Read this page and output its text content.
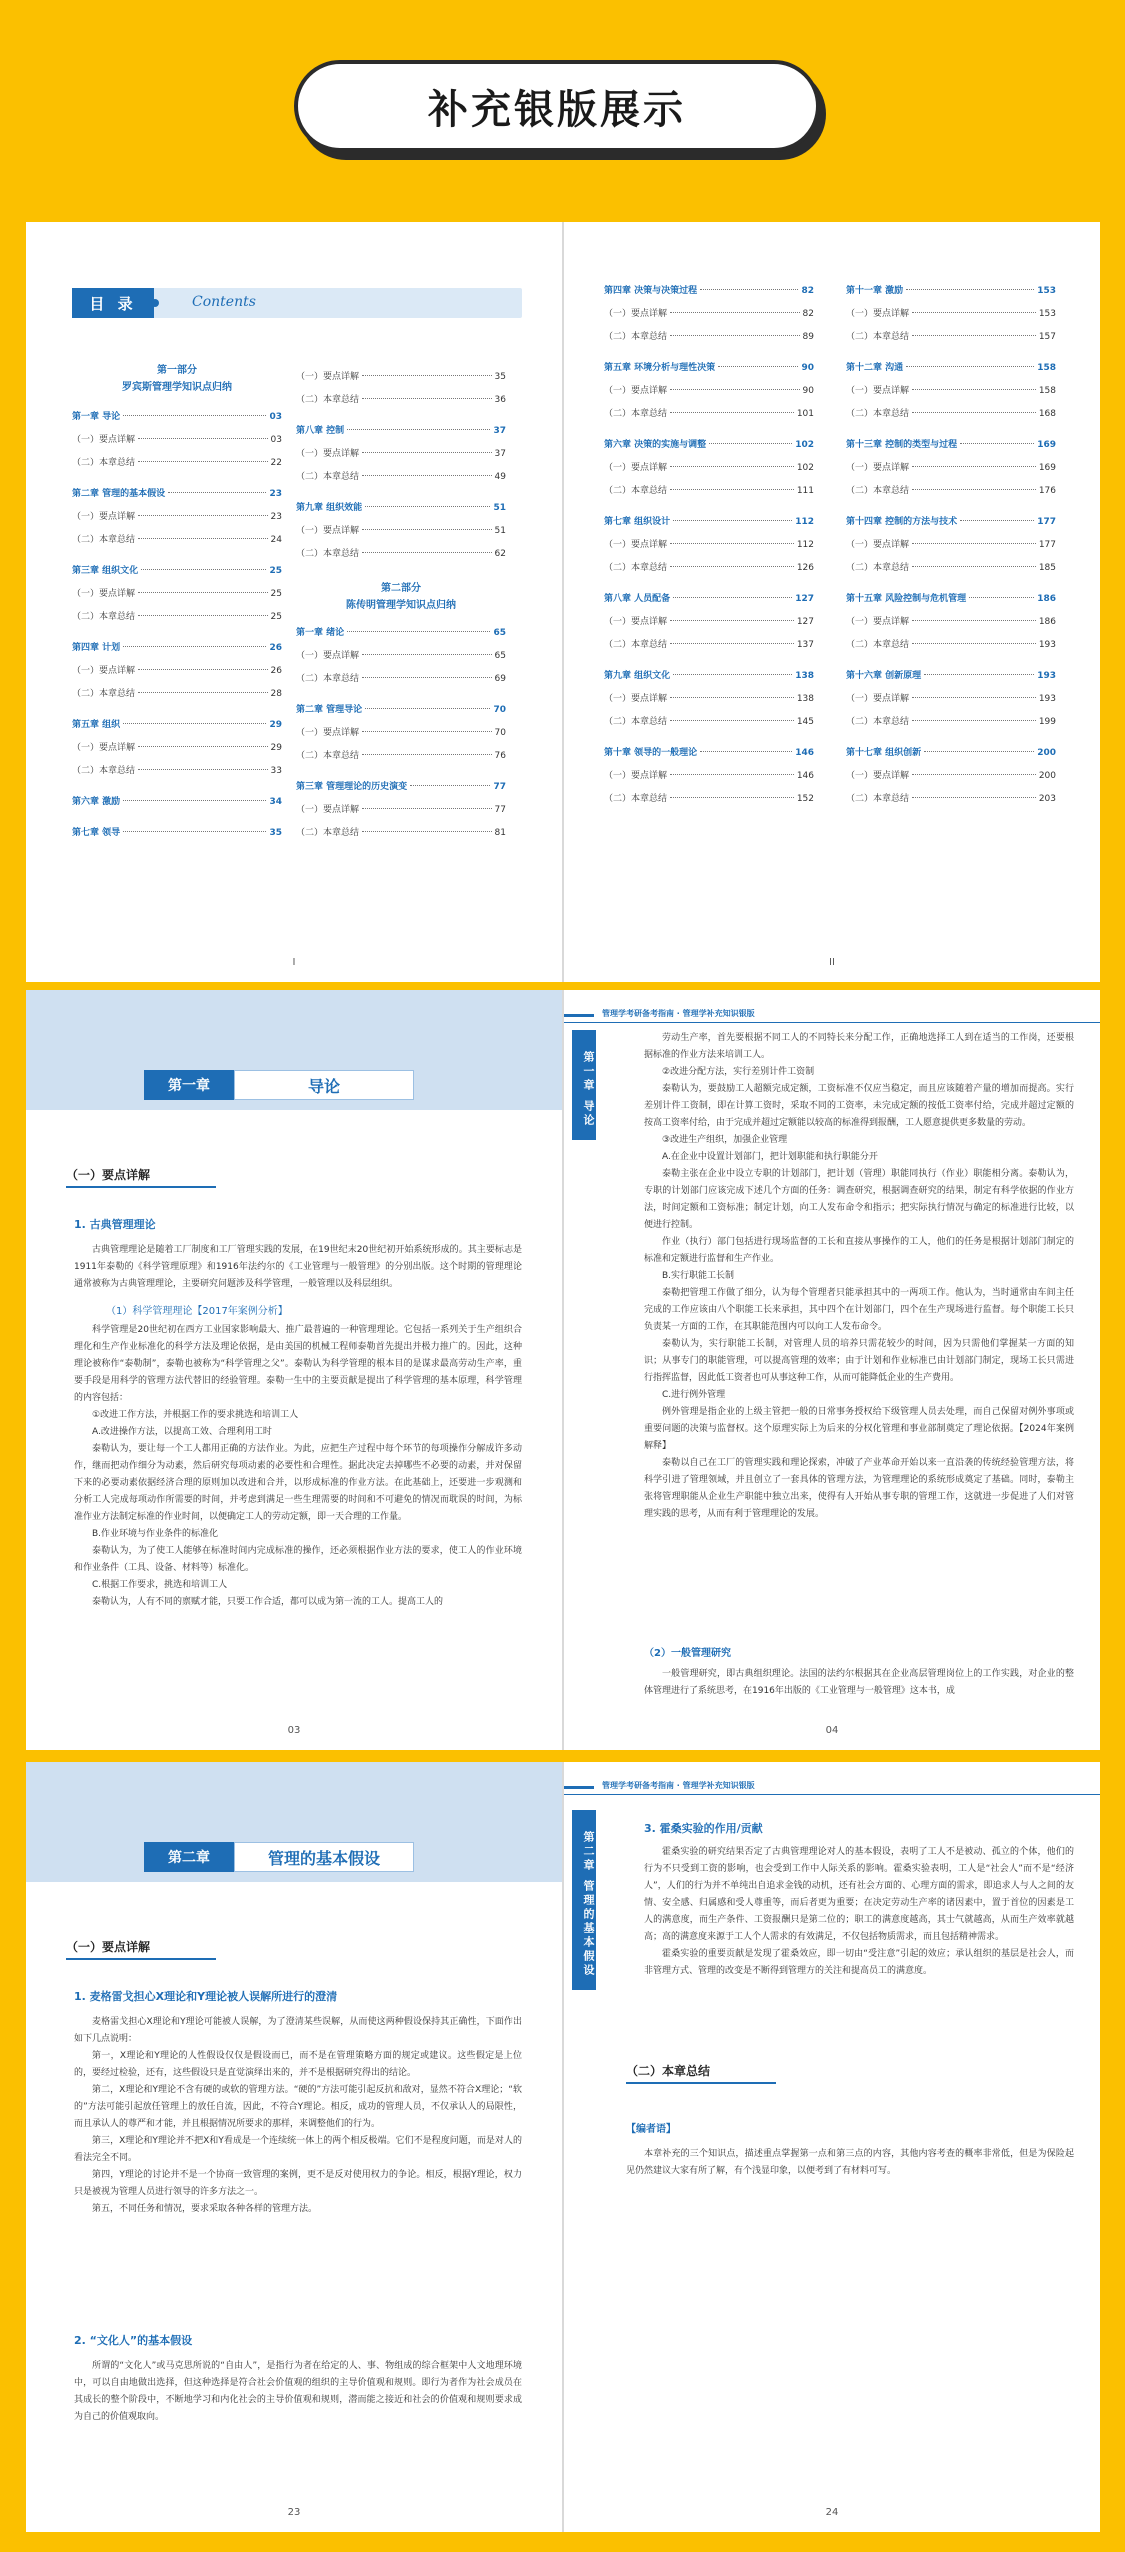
补充银版展示
目 录	Contents
第一部分
罗宾斯管理学知识点归纳
第一章 导论	03
（一）要点详解	03
（二）本章总结	22
第二章 管理的基本假设	23
（一）要点详解	23
（二）本章总结	24
第三章 组织文化	25
（一）要点详解	25
（二）本章总结	25
第四章 计划	26
（一）要点详解	26
（二）本章总结	28
第五章 组织	29
（一）要点详解	29
（二）本章总结	33
第六章 激励	34
第七章 领导	35
（一）要点详解	35
（二）本章总结	36
第八章 控制	37
（一）要点详解	37
（二）本章总结	49
第九章 组织效能	51
（一）要点详解	51
（二）本章总结	62
第二部分
陈传明管理学知识点归纳
第一章 绪论	65
（一）要点详解	65
（二）本章总结	69
第二章 管理导论	70
（一）要点详解	70
（二）本章总结	76
第三章 管理理论的历史演变	77
（一）要点详解	77
（二）本章总结	81
I
第四章 决策与决策过程	82
（一）要点详解	82
（二）本章总结	89
第五章 环境分析与理性决策	90
（一）要点详解	90
（二）本章总结	101
第六章 决策的实施与调整	102
（一）要点详解	102
（二）本章总结	111
第七章 组织设计	112
（一）要点详解	112
（二）本章总结	126
第八章 人员配备	127
（一）要点详解	127
（二）本章总结	137
第九章 组织文化	138
（一）要点详解	138
（二）本章总结	145
第十章 领导的一般理论	146
（一）要点详解	146
（二）本章总结	152
第十一章 激励	153
（一）要点详解	153
（二）本章总结	157
第十二章 沟通	158
（一）要点详解	158
（二）本章总结	168
第十三章 控制的类型与过程	169
（一）要点详解	169
（二）本章总结	176
第十四章 控制的方法与技术	177
（一）要点详解	177
（二）本章总结	185
第十五章 风险控制与危机管理	186
（一）要点详解	186
（二）本章总结	193
第十六章 创新原理	193
（一）要点详解	193
（二）本章总结	199
第十七章 组织创新	200
（一）要点详解	200
（二）本章总结	203
II
第一章	导论
（一）要点详解
1. 古典管理理论

古典管理理论是随着工厂制度和工厂管理实践的发展，在19世纪末20世纪初开始系统形成的。其主要标志是1911年泰勒的《科学管理原理》和1916年法约尔的《工业管理与一般管理》的分别出版。这个时期的管理理论通常被称为古典管理理论，主要研究问题涉及科学管理，一般管理以及科层组织。

（1）科学管理理论【2017年案例分析】

科学管理是20世纪初在西方工业国家影响最大、推广最普遍的一种管理理论。它包括一系列关于生产组织合理化和生产作业标准化的科学方法及理论依据，是由美国的机械工程师泰勒首先提出并极力推广的。因此，这种理论被称作“泰勒制”，泰勒也被称为“科学管理之父”。泰勒认为科学管理的根本目的是谋求最高劳动生产率，重要手段是用科学的管理方法代替旧的经验管理。泰勒一生中的主要贡献是提出了科学管理的基本原理，科学管理的内容包括：

①改进工作方法，并根据工作的要求挑选和培训工人

A.改进操作方法，以提高工效、合理利用工时

泰勒认为，要让每一个工人都用正确的方法作业。为此，应把生产过程中每个环节的每项操作分解成许多动作，继而把动作细分为动素，然后研究每项动素的必要性和合理性。据此决定去掉哪些不必要的动素，并对保留下来的必要动素依据经济合理的原则加以改进和合并，以形成标准的作业方法。在此基础上，还要进一步观测和分析工人完成每项动作所需要的时间，并考虑到满足一些生理需要的时间和不可避免的情况而耽误的时间，为标准作业方法制定标准的作业时间，以便确定工人的劳动定额，即一天合理的工作量。

B.作业环境与作业条件的标准化

泰勒认为，为了使工人能够在标准时间内完成标准的操作，还必须根据作业方法的要求，使工人的作业环境和作业条件（工具、设备、材料等）标准化。

C.根据工作要求，挑选和培训工人

泰勒认为，人有不同的禀赋才能，只要工作合适，都可以成为第一流的工人。提高工人的

03
管理学考研备考指南 · 管理学补充知识银版
第一章 导论

劳动生产率，首先要根据不同工人的不同特长来分配工作，正确地选择工人到在适当的工作岗，还要根据标准的作业方法来培训工人。

②改进分配方法，实行差别计件工资制

泰勒认为，要鼓励工人超额完成定额，工资标准不仅应当稳定，而且应该随着产量的增加而提高。实行差别计件工资制，即在计算工资时，采取不同的工资率，未完成定额的按低工资率付给，完成并超过定额的按高工资率付给，由于完成并超过定额能以较高的标准得到报酬，工人愿意提供更多数量的劳动。

③改进生产组织，加强企业管理

A.在企业中设置计划部门，把计划职能和执行职能分开

泰勒主张在企业中设立专职的计划部门，把计划（管理）职能同执行（作业）职能相分离。泰勒认为，专职的计划部门应该完成下述几个方面的任务：调查研究，根据调查研究的结果，制定有科学依据的作业方法，时间定额和工资标准；制定计划，向工人发布命令和指示；把实际执行情况与确定的标准进行比较，以便进行控制。

作业（执行）部门包括进行现场监督的工长和直接从事操作的工人，他们的任务是根据计划部门制定的标准和定额进行监督和生产作业。

B.实行职能工长制

泰勒把管理工作做了细分，认为每个管理者只能承担其中的一两项工作。他认为，当时通常由车间主任完成的工作应该由八个职能工长来承担，其中四个在计划部门，四个在生产现场进行监督。每个职能工长只负责某一方面的工作，在其职能范围内可以向工人发布命令。

泰勒认为，实行职能工长制，对管理人员的培养只需花较少的时间，因为只需他们掌握某一方面的知识；从事专门的职能管理，可以提高管理的效率；由于计划和作业标准已由计划部门制定，现场工长只需进行指挥监督，因此低工资者也可从事这种工作，从而可能降低企业的生产费用。

C.进行例外管理

例外管理是指企业的上级主管把一般的日常事务授权给下级管理人员去处理，而自己保留对例外事项或重要问题的决策与监督权。这个原理实际上为后来的分权化管理和事业部制奠定了理论依据。【2024年案例解释】

泰勒以自己在工厂的管理实践和理论探索，冲破了产业革命开始以来一直沿袭的传统经验管理方法，将科学引进了管理领域，并且创立了一套具体的管理方法，为管理理论的系统形成奠定了基础。同时，泰勒主张将管理职能从企业生产职能中独立出来，使得有人开始从事专职的管理工作，这就进一步促进了人们对管理实践的思考，从而有利于管理理论的发展。

（2）一般管理研究

一般管理研究，即古典组织理论。法国的法约尔根据其在企业高层管理岗位上的工作实践，对企业的整体管理进行了系统思考，在1916年出版的《工业管理与一般管理》这本书，成

04
第二章	管理的基本假设
（一）要点详解
1. 麦格雷戈担心X理论和Y理论被人误解所进行的澄清

麦格雷戈担心X理论和Y理论可能被人误解，为了澄清某些误解，从而使这两种假设保持其正确性，下面作出如下几点说明：

第一，X理论和Y理论的人性假设仅仅是假设而已，而不是在管理策略方面的规定或建议。这些假定是上位的，要经过检验，还有，这些假设只是直觉演绎出来的，并不是根据研究得出的结论。

第二，X理论和Y理论不含有硬的或软的管理方法。“硬的”方法可能引起反抗和敌对，显然不符合X理论；“软的”方法可能引起放任管理上的放任自流，因此，不符合Y理论。相反，成功的管理人员，不仅承认人的局限性，而且承认人的尊严和才能，并且根据情况所要求的那样，来调整他们的行为。

第三，X理论和Y理论并不把X和Y看成是一个连续统一体上的两个相反极端。它们不是程度问题，而是对人的看法完全不同。

第四，Y理论的讨论并不是一个协商一致管理的案例，更不是反对使用权力的争论。相反，根据Y理论，权力只是被视为管理人员进行领导的许多方法之一。

第五，不同任务和情况，要求采取各种各样的管理方法。

2. “文化人”的基本假设

所谓的“文化人”或马克思所说的“自由人”，是指行为者在给定的人、事、物组成的综合框架中人文地理环境中，可以自由地做出选择，但这种选择是符合社会价值观的组织的主导价值观和规则。即行为者作为社会成员在其成长的整个阶段中，不断地学习和内化社会的主导价值观和规则，潜而能之接近和社会的价值观和规则要求成为自己的价值观取向。

23
管理学考研备考指南 · 管理学补充知识银版
第二章 管理的基本假设
3. 霍桑实验的作用/贡献

霍桑实验的研究结果否定了古典管理理论对人的基本假设，表明了工人不是被动、孤立的个体，他们的行为不只受到工资的影响，也会受到工作中人际关系的影响。霍桑实验表明，工人是“社会人”而不是“经济人”，人们的行为并不单纯出自追求金钱的动机，还有社会方面的、心理方面的需求，即追求人与人之间的友情、安全感、归属感和受人尊重等，而后者更为重要；在决定劳动生产率的诸因素中，置于首位的因素是工人的满意度，而生产条件、工资报酬只是第二位的；职工的满意度越高，其士气就越高，从而生产效率就越高；高的满意度来源于工人个人需求的有效满足，不仅包括物质需求，而且包括精神需求。

霍桑实验的重要贡献是发现了霍桑效应，即一切由“受注意”引起的效应；承认组织的基层是社会人，而非管理方式、管理的改变是不断得到管理方的关注和提高员工的满意度。

（二）本章总结
【编者语】

本章补充的三个知识点，描述重点掌握第一点和第三点的内容，其他内容考查的概率非常低，但是为保险起见仍然建议大家有所了解，有个浅显印象，以便考到了有材料可写。

24
